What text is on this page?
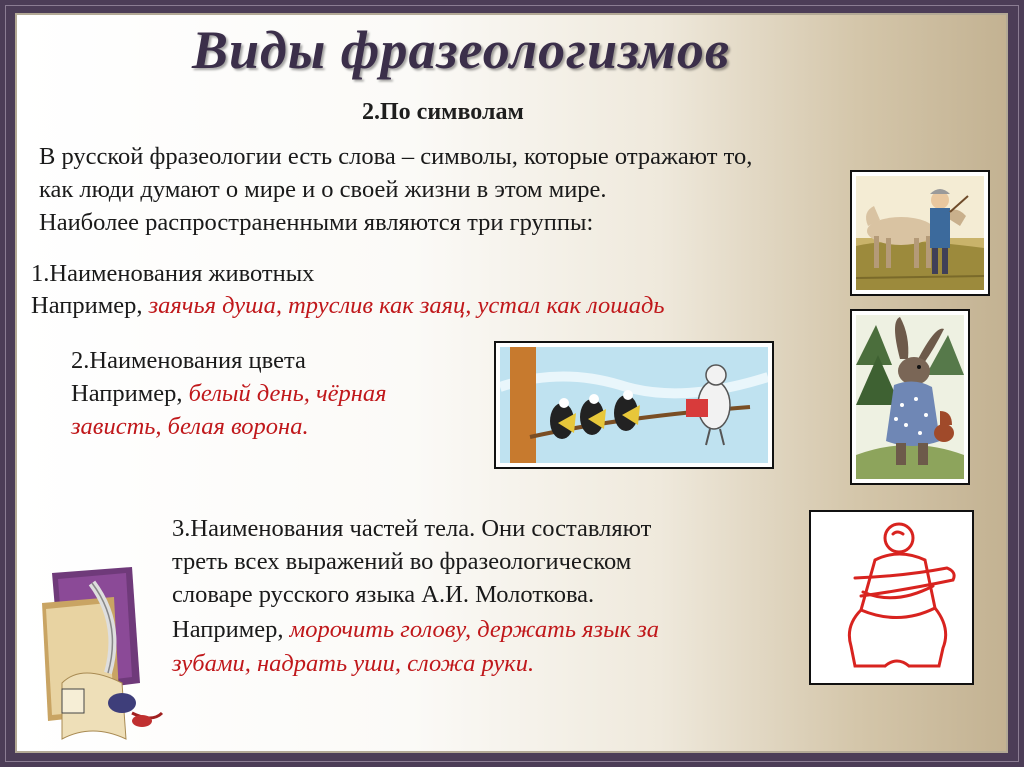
Виды фразеологизмов
2.По символам
В русской фразеологии есть слова – символы, которые отражают то,
как люди думают о мире и о своей жизни в этом мире.
Наиболее распространенными являются три группы:
1.Наименования животных
Например, заячья душа, труслив как заяц, устал как лошадь
2.Наименования цвета
Например, белый день, чёрная
зависть, белая ворона.
3.Наименования частей тела. Они составляют
треть всех выражений во фразеологическом
словаре русского языка А.И. Молоткова.
Например, морочить голову, держать язык за
зубами, надрать уши, сложа руки.
